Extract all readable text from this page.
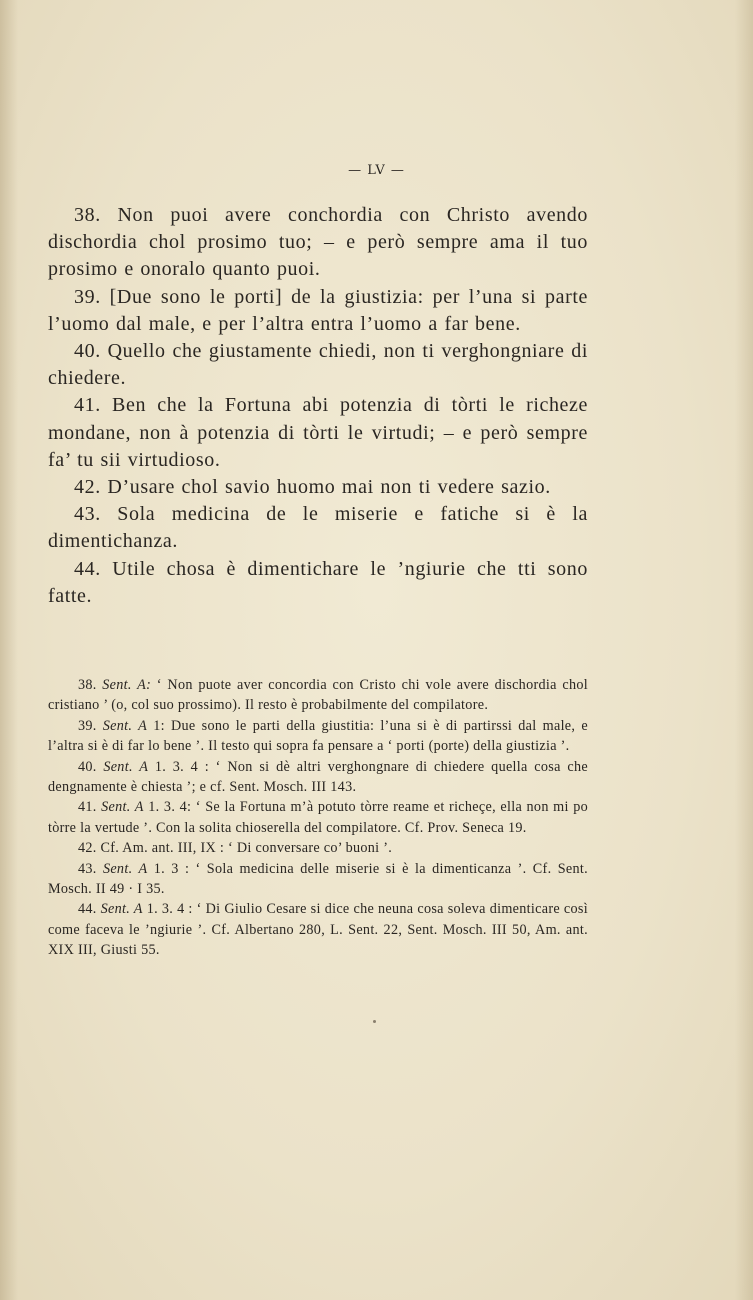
— LV —

38. Non puoi avere conchordia con Christo avendo dischordia chol prosimo tuo; – e però sempre ama il tuo prosimo e onoralo quanto puoi.

39. [Due sono le porti] de la giustizia: per l’una si parte l’uomo dal male, e per l’altra entra l’uomo a far bene.

40. Quello che giustamente chiedi, non ti verghongniare di chiedere.

41. Ben che la Fortuna abi potenzia di tòrti le richeze mondane, non à potenzia di tòrti le virtudi; – e però sempre fa’ tu sii virtudioso.

42. D’usare chol savio huomo mai non ti vedere sazio.

43. Sola medicina de le miserie e fatiche si è la dimentichanza.

44. Utile chosa è dimentichare le ’ngiurie che tti sono fatte.

38. Sent. A: ‘ Non puote aver concordia con Cristo chi vole avere dischordia chol cristiano ’ (o, col suo prossimo). Il resto è probabilmente del compilatore.

39. Sent. A 1: Due sono le parti della giustitia: l’una si è di partirssi dal male, e l’altra si è di far lo bene ’. Il testo qui sopra fa pensare a ‘ porti (porte) della giustizia ’.

40. Sent. A 1. 3. 4 : ‘ Non si dè altri verghongnare di chiedere quella cosa che dengnamente è chiesta ’; e cf. Sent. Mosch. III 143.

41. Sent. A 1. 3. 4: ‘ Se la Fortuna m’à potuto tòrre reame et richeçe, ella non mi po tòrre la vertude ’. Con la solita chioserella del compilatore. Cf. Prov. Seneca 19.

42. Cf. Am. ant. III, IX : ‘ Di conversare co’ buoni ’.

43. Sent. A 1. 3 : ‘ Sola medicina delle miserie si è la dimenticanza ’. Cf. Sent. Mosch. II 49 · I 35.

44. Sent. A 1. 3. 4 : ‘ Di Giulio Cesare si dice che neuna cosa soleva dimenticare così come faceva le ’ngiurie ’. Cf. Albertano 280, L. Sent. 22, Sent. Mosch. III 50, Am. ant. XIX III, Giusti 55.
